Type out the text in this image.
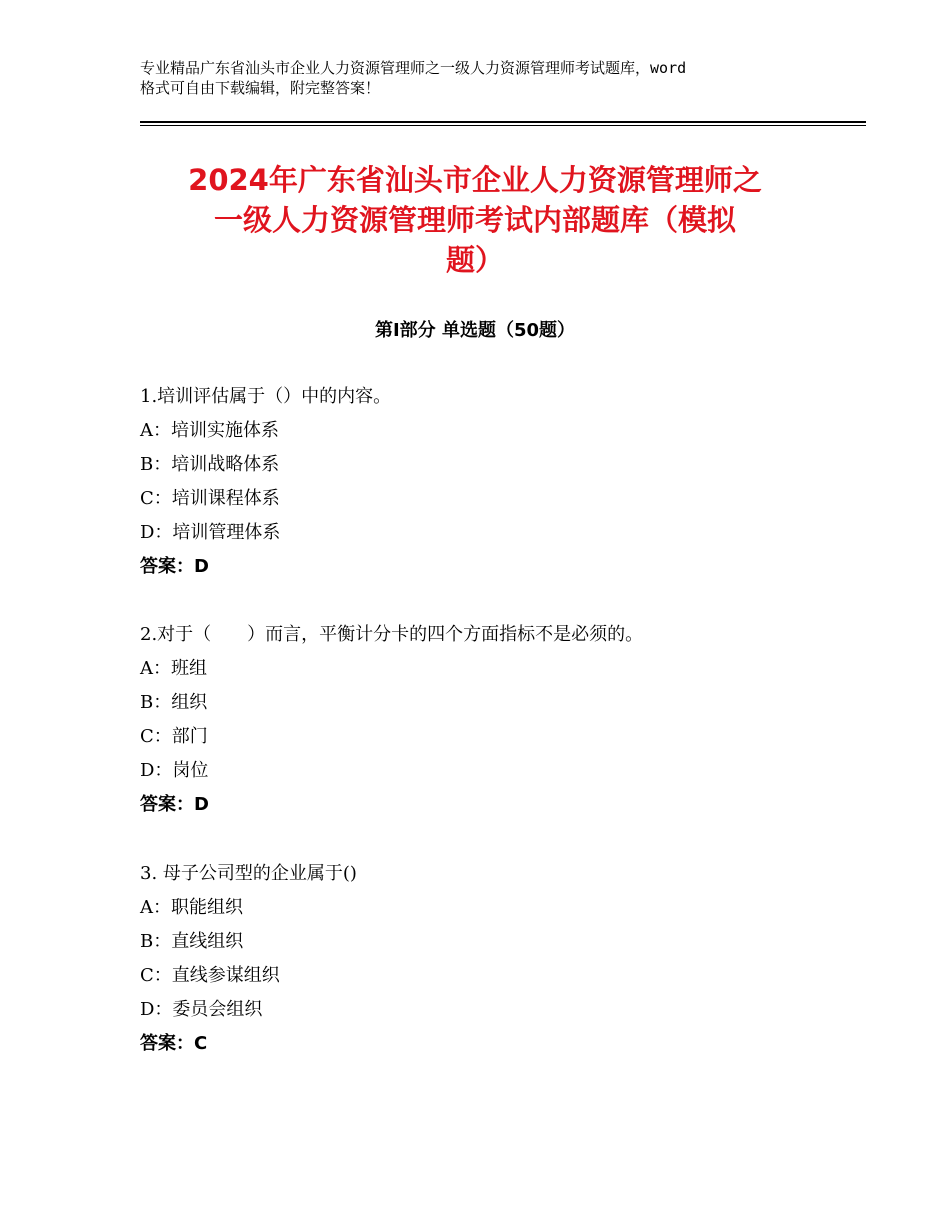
专业精品广东省汕头市企业人力资源管理师之一级人力资源管理师考试题库，word
格式可自由下载编辑，附完整答案！
2024年广东省汕头市企业人力资源管理师之
一级人力资源管理师考试内部题库（模拟
题）
第Ⅰ部分 单选题（50题）
1.培训评估属于（）中的内容。
A：培训实施体系
B：培训战略体系
C：培训课程体系
D：培训管理体系
答案：D
2.对于（　　）而言，平衡计分卡的四个方面指标不是必须的。
A：班组
B：组织
C：部门
D：岗位
答案：D
3. 母子公司型的企业属于()
A：职能组织
B：直线组织
C：直线参谋组织
D：委员会组织
答案：C
